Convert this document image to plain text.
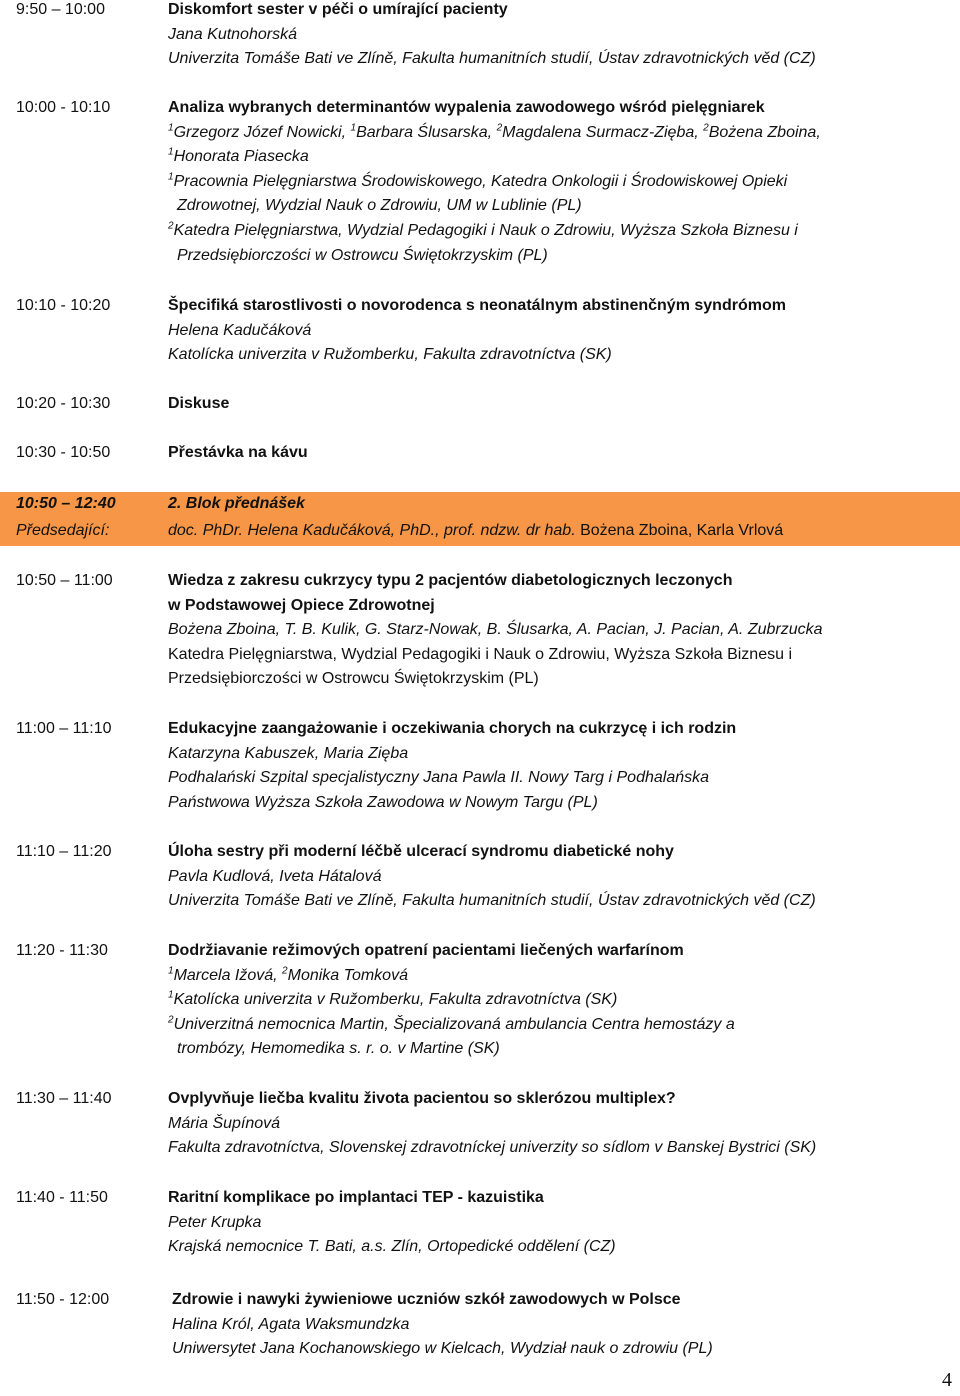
9:50 – 10:00	Diskomfort sester v péči o umírající pacienty
Jana Kutnohorská
Univerzita Tomáše Bati ve Zlíně, Fakulta humanitních studií, Ústav zdravotnických věd (CZ)
10:00 - 10:10	Analiza wybranych determinantów wypalenia zawodowego wśród pielęgniarek
$^1$Grzegorz Józef Nowicki, $^1$Barbara Ślusarska, $^2$Magdalena Surmacz-Zięba, $^2$Bożena Zboina,
$^1$Honorata Piasecka
$^1$Pracownia Pielęgniarstwa Środowiskowego, Katedra Onkologii i Środowiskowej Opieki
Zdrowotnej, Wydzial Nauk o Zdrowiu, UM w Lublinie (PL)
$^2$Katedra Pielęgniarstwa, Wydzial Pedagogiki i Nauk o Zdrowiu, Wyższa Szkoła Biznesu i
Przedsiębiorczości w Ostrowcu Świętokrzyskim (PL)
10:10 - 10:20	Špecifiká starostlivosti o novorodenca s neonatálnym abstinenčným syndrómom
Helena Kadučáková
Katolícka univerzita v Ružomberku, Fakulta zdravotníctva (SK)
10:20 - 10:30	Diskuse
10:30 - 10:50	Přestávka na kávu
10:50 – 12:40	2. Blok přednášek
Předsedající:	doc. PhDr. Helena Kadučáková, PhD., prof. ndzw. dr hab. Bożena Zboina, Karla Vrlová
10:50 – 11:00	Wiedza z zakresu cukrzycy typu 2 pacjentów diabetologicznych leczonych
w Podstawowej Opiece Zdrowotnej
Bożena Zboina, T. B. Kulik, G. Starz-Nowak, B. Ślusarka, A. Pacian, J. Pacian, A. Zubrzucka
Katedra Pielęgniarstwa, Wydzial Pedagogiki i Nauk o Zdrowiu, Wyższa Szkoła Biznesu i
Przedsiębiorczości w Ostrowcu Świętokrzyskim (PL)
11:00 – 11:10	Edukacyjne zaangażowanie i oczekiwania chorych na cukrzycę i ich rodzin
Katarzyna Kabuszek, Maria Zięba
Podhalański Szpital specjalistyczny Jana Pawla II. Nowy Targ i Podhalańska
Państwowa Wyższa Szkoła Zawodowa w Nowym Targu (PL)
11:10 – 11:20	Úloha sestry při moderní léčbě ulcerací syndromu diabetické nohy
Pavla Kudlová, Iveta Hátalová
Univerzita Tomáše Bati ve Zlíně, Fakulta humanitních studií, Ústav zdravotnických věd (CZ)
11:20 - 11:30	Dodržiavanie režimových opatrení pacientami liečených warfarínom
$^1$Marcela Ižová, $^2$Monika Tomková
$^1$Katolícka univerzita v Ružomberku, Fakulta zdravotníctva (SK)
$^2$Univerzitná nemocnica Martin, Špecializovaná ambulancia Centra hemostázy a
trombózy, Hemomedika s. r. o. v Martine (SK)
11:30 – 11:40	Ovplyvňuje liečba kvalitu života pacientou so sklerózou multiplex?
Mária Šupínová
Fakulta zdravotníctva, Slovenskej zdravotníckej univerzity so sídlom v Banskej Bystrici (SK)
11:40 - 11:50	Raritní komplikace po implantaci TEP - kazuistika
Peter Krupka
Krajská nemocnice T. Bati, a.s. Zlín, Ortopedické oddělení (CZ)
11:50 - 12:00	Zdrowie i nawyki żywieniowe uczniów szkół zawodowych w Polsce
Halina Król, Agata Waksmundzka
Uniwersytet Jana Kochanowskiego w Kielcach, Wydział nauk o zdrowiu (PL)
4
